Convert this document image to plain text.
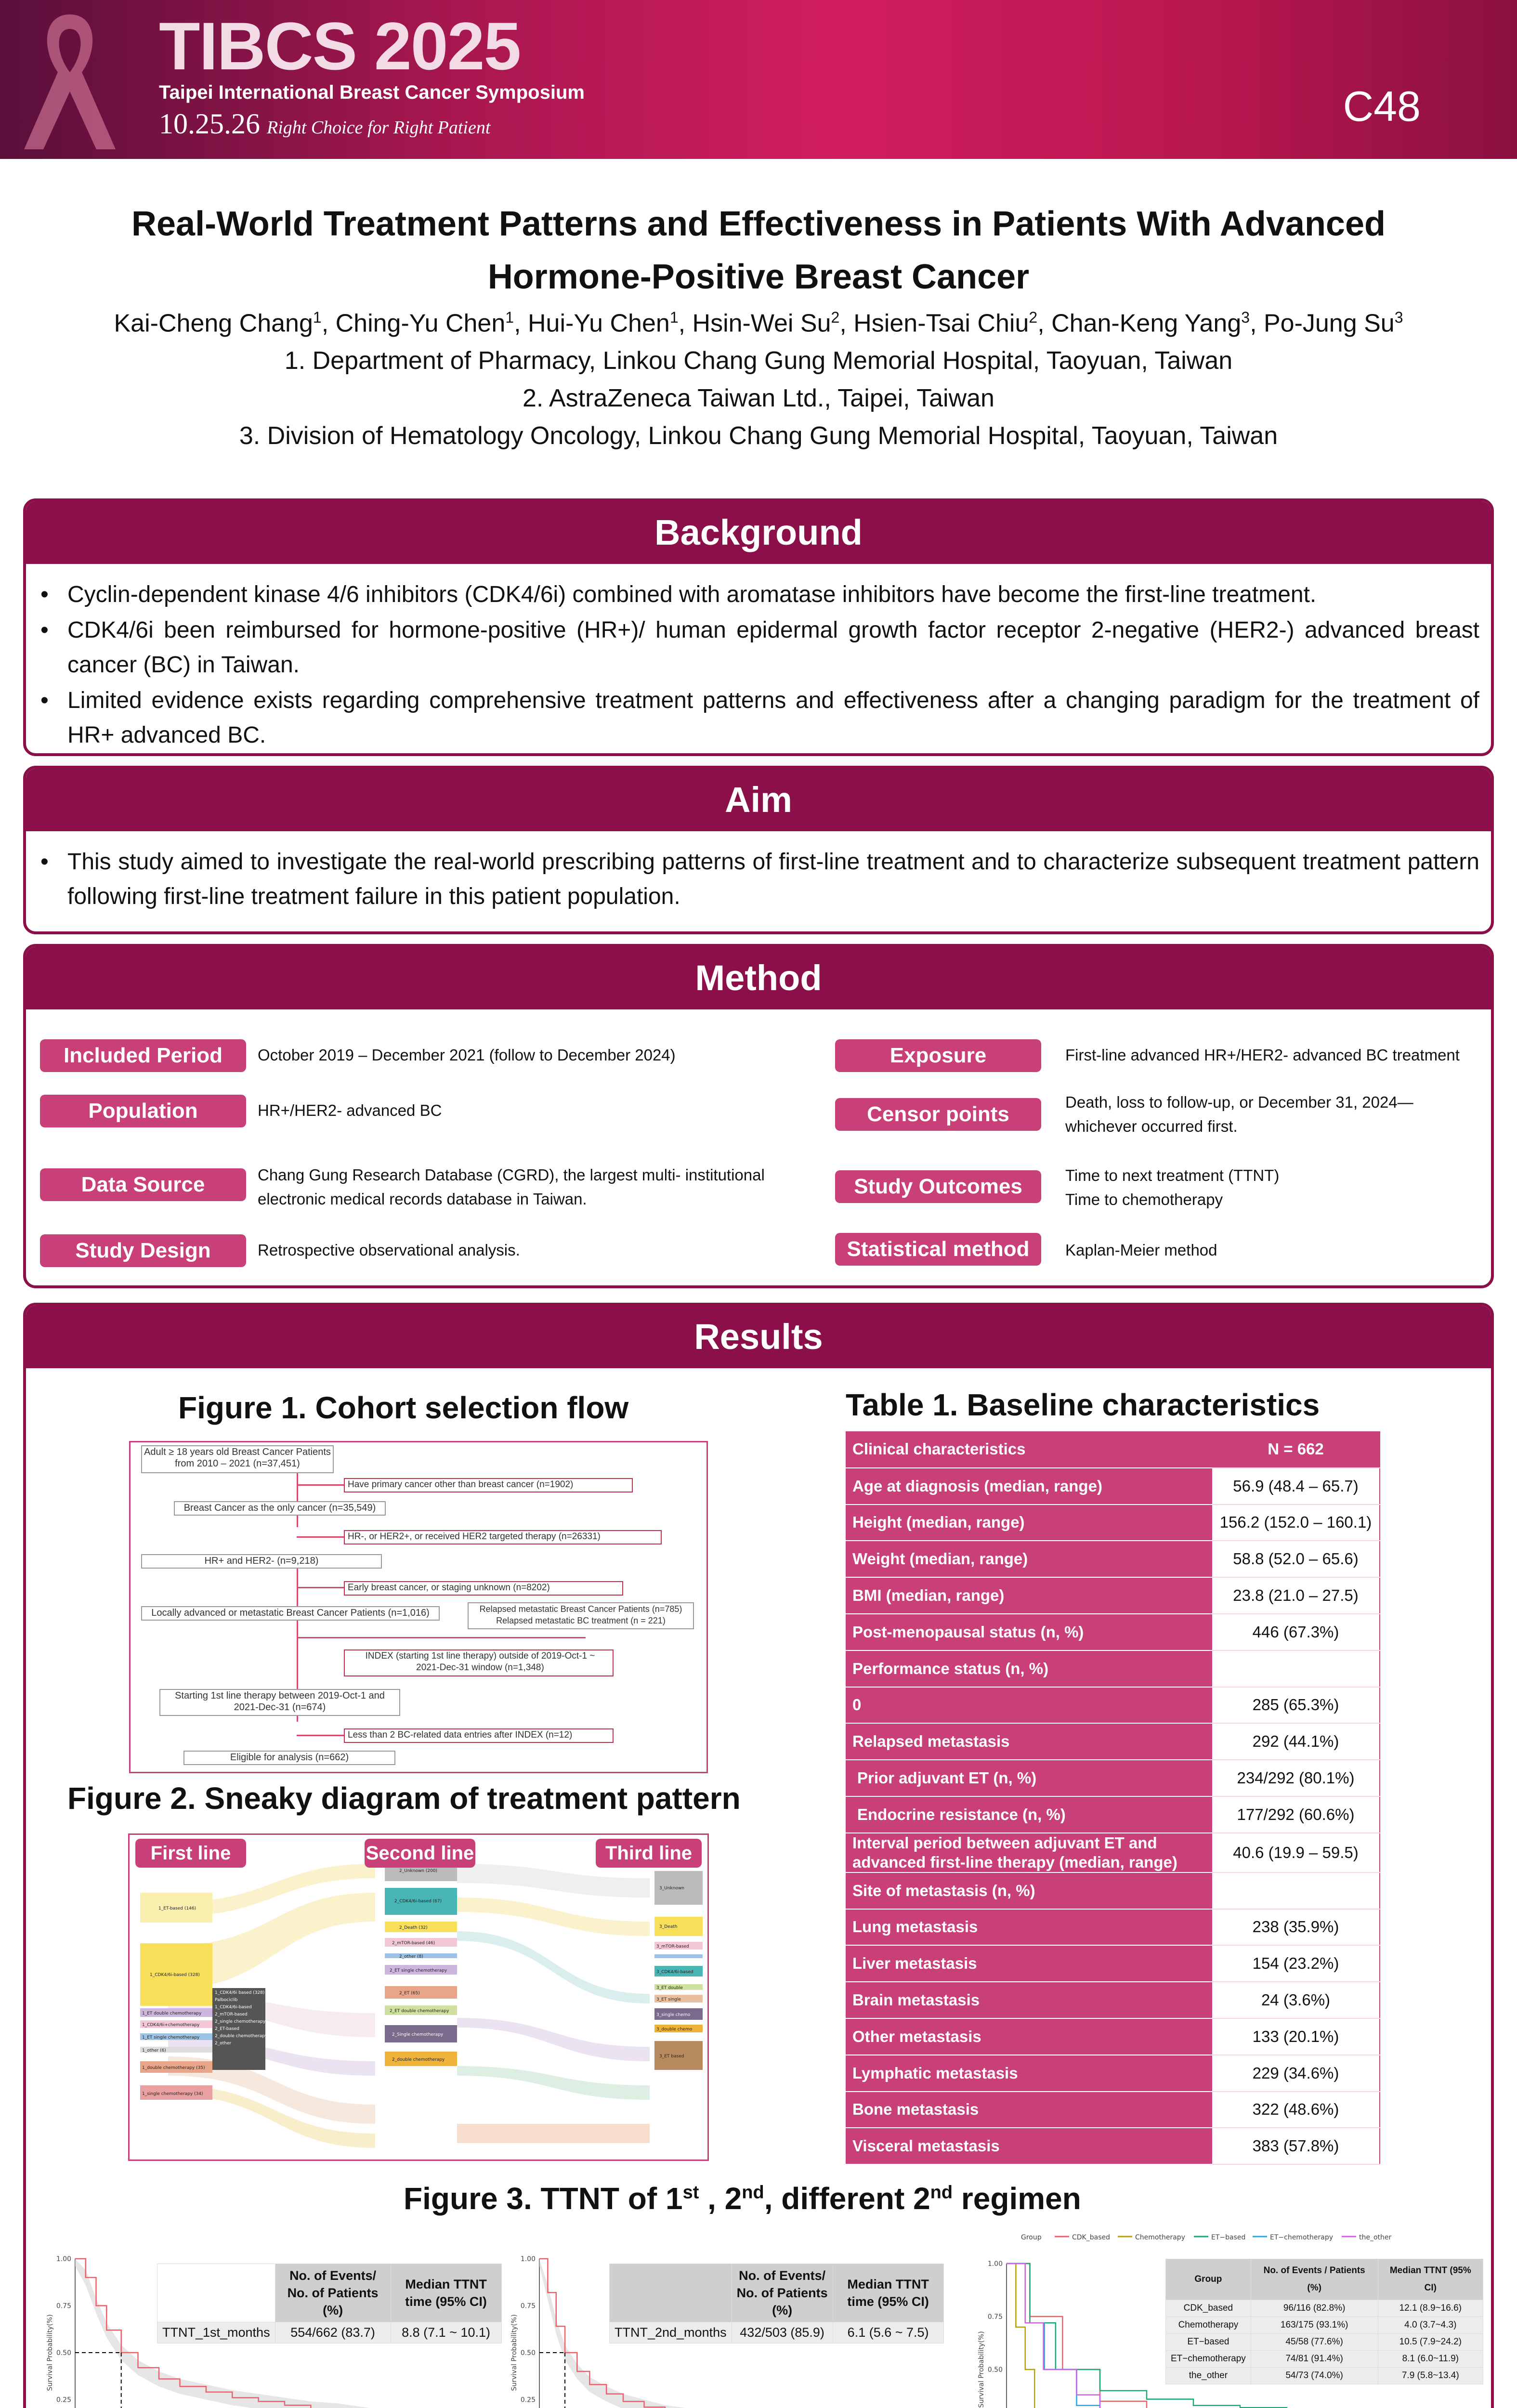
TIBCS 2025
Taipei International Breast Cancer Symposium
10.25.26 Right Choice for Right Patient	C48
Real-World Treatment Patterns and Effectiveness in Patients With Advanced
Hormone-Positive Breast Cancer
Kai-Cheng Chang$^1$, Ching-Yu Chen$^1$, Hui-Yu Chen$^1$, Hsin-Wei Su$^2$, Hsien-Tsai Chiu$^2$, Chan-Keng Yang$^3$, Po-Jung Su$^3$
1. Department of Pharmacy, Linkou Chang Gung Memorial Hospital, Taoyuan, Taiwan
2. AstraZeneca Taiwan Ltd., Taipei, Taiwan
3. Division of Hematology Oncology, Linkou Chang Gung Memorial Hospital, Taoyuan, Taiwan
Background
• Cyclin-dependent kinase 4/6 inhibitors (CDK4/6i) combined with aromatase inhibitors have become the first-line treatment.
• CDK4/6i been reimbursed for hormone-positive (HR+)/ human epidermal growth factor receptor 2-negative (HER2-) advanced breast cancer (BC) in Taiwan.
• Limited evidence exists regarding comprehensive treatment patterns and effectiveness after a changing paradigm for the treatment of HR+ advanced BC.
Aim
• This study aimed to investigate the real-world prescribing patterns of first-line treatment and to characterize subsequent treatment pattern following first-line treatment failure in this patient population.
Method
Included Period	October 2019 – December 2021 (follow to December 2024)
Population	HR+/HER2- advanced BC
Data Source	Chang Gung Research Database (CGRD), the largest multi- institutional electronic medical records database in Taiwan.
Study Design	Retrospective observational analysis.
Exposure	First-line advanced HR+/HER2- advanced BC treatment
Censor points
Death, loss to follow-up, or December 31, 2024—whichever occurred first.
Study Outcomes	Time to next treatment (TTNT)
Time to chemotherapy
Statistical method	Kaplan-Meier method
Results
Figure 1. Cohort selection flow	Table 1. Baseline characteristics
Adult ≥ 18 years old Breast Cancer Patients
from 2010 – 2021 (n=37,451)
Have primary cancer other than breast cancer (n=1902)
Breast Cancer as the only cancer (n=35,549)
HR-, or HER2+, or received HER2 targeted therapy (n=26331)
HR+ and HER2- (n=9,218)
Early breast cancer, or staging unknown (n=8202)
Locally advanced or metastatic Breast Cancer Patients (n=1,016)	Relapsed metastatic Breast Cancer Patients (n=785)
Relapsed metastatic BC treatment (n = 221)
INDEX (starting 1st line therapy) outside of 2019-Oct-1 ~
2021-Dec-31 window (n=1,348)
Starting 1st line therapy between 2019-Oct-1 and
2021-Dec-31 (n=674)
Less than 2 BC-related data entries after INDEX (n=12)
Eligible for analysis (n=662)
Figure 2. Sneaky diagram of treatment pattern
1_ET-based (146)
1_CDK4/6i-based (328)
1_ET double chemotherapy
1_CDK4/6i+chemotherapy
1_ET single chemotherapy
1_other (6)
1_double chemotherapy (35)
1_single chemotherapy (34)
1_CDK4/6i based (328)
Palbociclib
1_CDK4/6i-based
2_mTOR-based
2_single chemotherapy
2_ET-based
2_double chemotherapy
2_other
2_Unknown (200)
2_CDK4/6i-based (67)
2_Death (32)
2_mTOR-based (46)
2_other (8)
2_ET single chemotherapy
2_ET (65)
2_ET double chemotherapy
2_Single chemotherapy
2_double chemotherapy
3_Unknown
3_Death
3_mTOR-based
3_CDK4/6i-based
3_ET double
3_ET single
3_single chemo
3_double chemo
3_ET based
First line	Second line	Third line
Clinical characteristics	N = 662
Age at diagnosis (median, range)	56.9 (48.4 – 65.7)
Height (median, range)	156.2 (152.0 – 160.1)
Weight (median, range)	58.8 (52.0 – 65.6)
BMI (median, range)	23.8 (21.0 – 27.5)
Post-menopausal status (n, %)	446 (67.3%)
Performance status (n, %)	
0	285 (65.3%)
Relapsed metastasis	292 (44.1%)
Prior adjuvant ET (n, %)	234/292 (80.1%)
Endocrine resistance (n, %)	177/292 (60.6%)
Interval period between adjuvant ET and advanced first-line therapy (median, range)	40.6 (19.9 – 59.5)
Site of metastasis (n, %)	
Lung metastasis	238 (35.9%)
Liver metastasis	154 (23.2%)
Brain metastasis	24 (3.6%)
Other metastasis	133 (20.1%)
Lymphatic metastasis	229 (34.6%)
Bone metastasis	322 (48.6%)
Visceral metastasis	383 (57.8%)
Figure 3. TTNT of 1st , 2nd, different 2nd regimen
0.25
0.50
0.75
1.00
Survival Probability(%)
	No. of Events/ No. of Patients (%)	Median TTNT time (95% CI)
TTNT_1st_months	554/662 (83.7)	8.8 (7.1 ~ 10.1)
0.25
0.50
0.75
1.00
Survival Probability(%)
	No. of Events/ No. of Patients (%)	Median TTNT time (95% CI)
TTNT_2nd_months	432/503 (85.9)	6.1 (5.6 ~ 7.5)
0.50
0.75
1.00
Survival Probability(%)
Group	CDK_based	Chemotherapy	ET−based	ET−chemotherapy	the_other
Group	No. of Events / Patients (%)	Median TTNT (95% CI)
CDK_based	96/116 (82.8%)	12.1 (8.9~16.6)
Chemotherapy	163/175 (93.1%)	4.0 (3.7~4.3)
ET−based	45/58 (77.6%)	10.5 (7.9~24.2)
ET−chemotherapy	74/81 (91.4%)	8.1 (6.0~11.9)
the_other	54/73 (74.0%)	7.9 (5.8~13.4)
